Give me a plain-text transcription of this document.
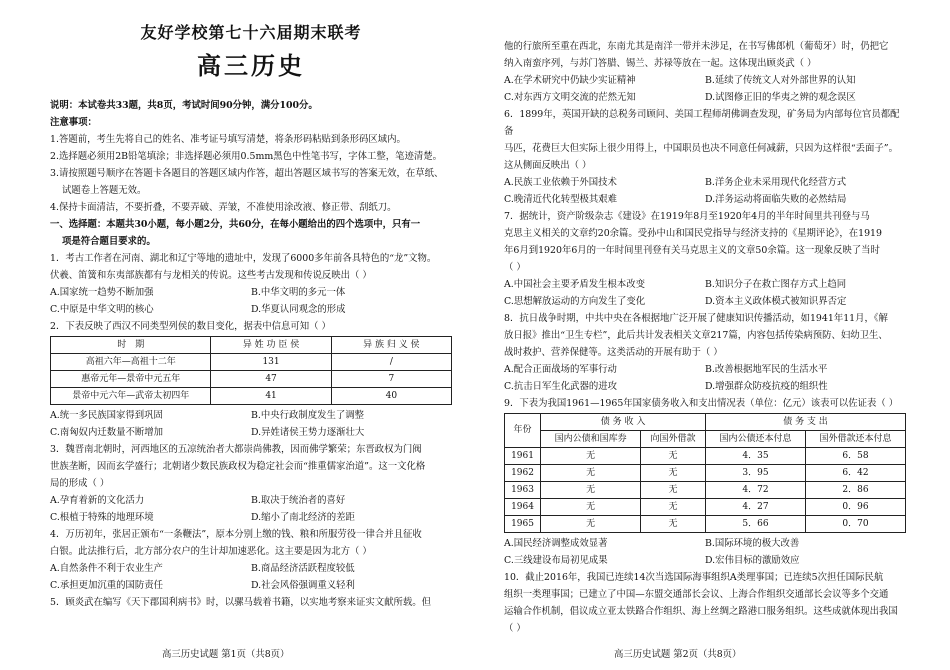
友好学校第七十六届期末联考
高三历史

说明：本试卷共33题，共8页，考试时间90分钟，满分100分。

注意事项：

1.答题前，考生先将自己的姓名、准考证号填写清楚，将条形码粘贴到条形码区域内。

2.选择题必须用2B铅笔填涂；非选择题必须用0.5mm黑色中性笔书写，字体工整，笔迹清楚。

3.请按照题号顺序在答题卡各题目的答题区域内作答，超出答题区域书写的答案无效，在草纸、

试题卷上答题无效。

4.保持卡面清洁，不要折叠，不要弄破、弄皱，不准使用涂改液、修正带、刮纸刀。

一、选择题：本题共30小题，每小题2分，共60分，在每小题给出的四个选项中，只有一

项是符合题目要求的。

1．考古工作者在河南、湖北和辽宁等地的遗址中，发现了6000多年前各具特色的“龙”文物。

伏羲、笛簧和东夷部族都有与龙相关的传说。这些考古发现和传说反映出（ ）

A.国家统一趋势不断加强	B.中华文明的多元一体
C.中原是中华文明的核心	D.华夏认同观念的形成

2．下表反映了西汉不同类型列侯的数目变化，据表中信息可知（ ）

时　期	异 姓 功 臣 侯	异 族 归 义 侯
高祖六年—高祖十二年	131	/
惠帝元年—景帝中元五年	47	7
景帝中元六年—武帝太初四年	41	40
A.统一多民族国家得到巩固	B.中央行政制度发生了调整
C.南匈奴内迁数量不断增加	D.异姓诸侯王势力逐渐壮大

3．魏晋南北朝时，河西地区的五凉统治者大都崇尚佛教，因而佛学繁荣；东晋政权为门阀

世族垄断，因而玄学盛行；北朝诸少数民族政权为稳定社会而“推重儒家治道”。这一文化格

局的形成（ ）

A.孕育着新的文化活力	B.取决于统治者的喜好
C.根植于特殊的地理环境	D.缩小了南北经济的差距

4．万历初年，张居正颁布“一条鞭法”，原本分别上缴的钱、粮和所服劳役一律合并且征收

白银。此法推行后，北方部分农户的生计却加速恶化。这主要是因为北方（ ）

A.自然条件不利于农业生产	B.商品经济活跃程度较低
C.承担更加沉重的国防责任	D.社会风俗强调重义轻利

5．顾炎武在编写《天下郡国利病书》时，以骡马载着书籍，以实地考察来证实文献所载。但

高三历史试题 第1页（共8页）

他的行旅所至重在西北，东南尤其是南洋一带并未涉足，在书写佛郎机（葡萄牙）时，仍把它

纳入南蛮序列，与苏门答腊、锡兰、苏禄等放在一起。这体现出顾炎武（ ）

A.在学术研究中仍缺少实证精神	B.延续了传统文人对外部世界的认知
C.对东西方文明交流的茫然无知	D.试图修正旧的华夷之辨的观念误区

6．1899年，英国开缺的总税务司顾问、美国工程师胡佛调查发现，矿务局为内部每位官员都配备

马匹，花费巨大但实际上很少用得上，中国职员也决不同意任何减薪，只因为这样很“丢面子”。

这从侧面反映出（ ）

A.民族工业依赖于外国技术	B.洋务企业未采用现代化经营方式
C.晚清近代化转型极其艰难	D.洋务运动将面临失败的必然结局

7．据统计，资产阶级杂志《建设》在1919年8月至1920年4月的半年时间里共刊登与马

克思主义相关的文章约20余篇。受孙中山和国民党指导与经济支持的《星期评论》，在1919

年6月到1920年6月的一年时间里刊登有关马克思主义的文章50余篇。这一现象反映了当时

（ ）

A.中国社会主要矛盾发生根本改变	B.知识分子在救亡图存方式上趋同
C.思想解放运动的方向发生了变化	D.资本主义政体模式被知识界否定

8．抗日战争时期，中共中央在各根据地广泛开展了健康知识传播活动，如1941年11月，《解

放日报》推出“卫生专栏”，此后共计发表相关文章217篇，内容包括传染病预防、妇幼卫生、

战时救护、营养保健等。这类活动的开展有助于（ ）

A.配合正面战场的军事行动	B.改善根据地军民的生活水平
C.抗击日军生化武器的进攻	D.增强群众防疫抗疫的组织性

9．下表为我国1961—1965年国家债务收入和支出情况表（单位：亿元）该表可以佐证表（ ）

年份	债 务 收 入		债 务 支 出	
	国内公债和国库券	向国外借款	国内公债还本付息	国外借款还本付息
1961	无	无	4．35	6．58
1962	无	无	3．95	6．42
1963	无	无	4．72	2．86
1964	无	无	4．27	0．96
1965	无	无	5．66	0．70
A.国民经济调整成效显著	B.国际环境的极大改善
C.三线建设布局初见成果	D.宏伟目标的激励效应

10．截止2016年，我国已连续14次当选国际海事组织A类理事国；已连续5次担任国际民航

组织一类理事国；已建立了中国—东盟交通部长会议、上海合作组织交通部长会议等多个交通

运输合作机制，倡议成立亚太铁路合作组织、海上丝绸之路港口服务组织。这些成就体现出我国（ ）

高三历史试题 第2页（共8页）
